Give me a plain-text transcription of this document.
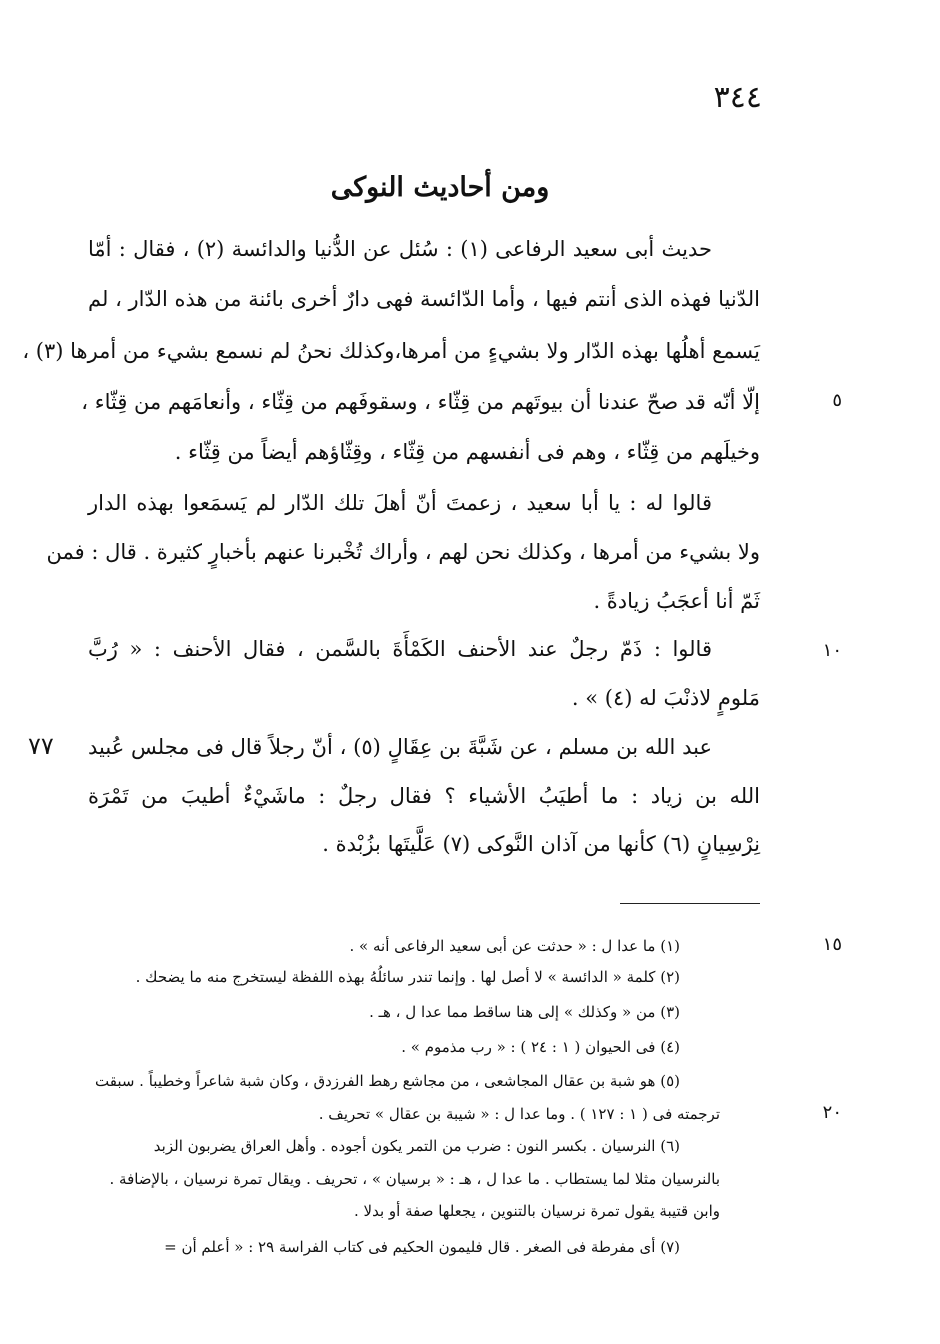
٣٤٤
ومن أحاديث النوكى
حديث أبى سعيد الرفاعى (١) : سُئل عن الدُّنيا والدائسة (٢) ، فقال : أمّا
الدّنيا فهذه الذى أنتم فيها ، وأما الدّائسة فهى دارٌ أخرى بائنة من هذه الدّار ، لم
يَسمع أهلُها بهذه الدّار ولا بشيءٍ من أمرها،وكذلك نحنُ لم نسمع بشيء من أمرها (٣) ،
إلّا أنّه قد صحّ عندنا أن بيوتَهم من قِثّاء ، وسقوفَهم من قِثّاء ، وأنعامَهم من قِثّاء ،
وخيلَهم من قِثّاء ، وهم فى أنفسهم من قِثّاء ، وقِثّاؤهم أيضاً من قِثّاء .
قالوا له : يا أبا سعيد ، زعمتَ أنّ أهلَ تلك الدّار لم يَسمَعوا بهذه الدار
ولا بشيء من أمرها ، وكذلك نحن لهم ، وأراك تُخْبرنا عنهم بأخبارٍ كثيرة . قال : فمن
ثَمّ أنا أعجَبُ زيادةً .
قالوا : ذَمّ رجلٌ عند الأحنف الكَمْأَةَ بالسَّمن ، فقال الأحنف : « رُبَّ
مَلومٍ لاذنْبَ له (٤) » .
عبد الله بن مسلم ، عن شَبَّةَ بن عِقَالٍ (٥) ، أنّ رجلاً قال فى مجلس عُبيد
الله بن زياد : ما أطيَبُ الأشياء ؟ فقال رجلٌ : ماشَيْءٌ أطيبَ من تَمْرَة
نِرْسِيانٍ (٦) كأنها من آذان النَّوكى (٧) عَلَّيتَها بزُبْدة .
٥
١٠
١٥
٢٠
٧٧
(١) ما عدا ل : « حدثت عن أبى سعيد الرفاعى أنه » .
(٢) كلمة « الدائسة » لا أصل لها . وإنما تندر سائلُهُ بهذه اللفظة ليستخرج منه ما يضحك .
(٣) من « وكذلك » إلى هنا ساقط مما عدا ل ، هـ .
(٤) فى الحيوان ( ١ : ٢٤ ) : « رب مذموم » .
(٥) هو شبة بن عقال المجاشعى ، من مجاشع رهط الفرزدق ، وكان شبة شاعراً وخطيباً . سبقت
ترجمته فى ( ١ : ١٢٧ ) . وما عدا ل : « شيبة بن عقال » تحريف .
(٦) النرسيان . بكسر النون : ضرب من التمر يكون أجوده . وأهل العراق يضربون الزبد
بالنرسيان مثلا لما يستطاب . ما عدا ل ، هـ : « برسيان » ، تحريف . ويقال تمرة نرسيان ، بالإضافة .
وابن قتيبة يقول تمرة نرسيان بالتنوين ، يجعلها صفة أو بدلا .
(٧) أى مفرطة فى الصغر . قال فليمون الحكيم فى كتاب الفراسة ٢٩ : « أعلم أن =
